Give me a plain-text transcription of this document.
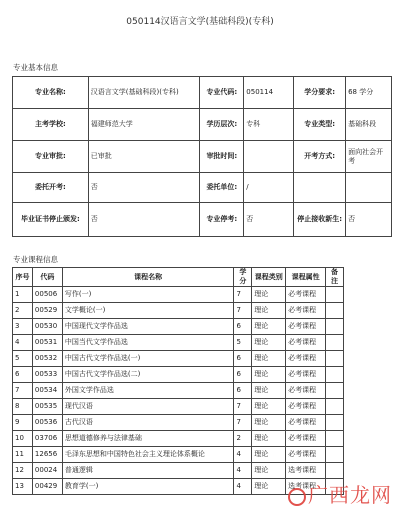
050114汉语言文学(基础科段)(专科)
专业基本信息
专业名称:	汉语言文学(基础科段)(专科)	专业代码:	050114	学分要求:	68 学分
主考学校:	福建师范大学	学历层次:	专科	专业类型:	基础科段
专业审批:	已审批	审批时间:		开考方式:	面向社会开考
委托开考:	否	委托单位:	/		
毕业证书停止颁发:	否	专业停考:	否	停止接收新生:	否
专业课程信息
序号	代码	课程名称	学分	课程类别	课程属性	备注
1	00506	写作(一)	7	理论	必考课程	
2	00529	文学概论(一)	7	理论	必考课程	
3	00530	中国现代文学作品选	6	理论	必考课程	
4	00531	中国当代文学作品选	5	理论	必考课程	
5	00532	中国古代文学作品选(一)	6	理论	必考课程	
6	00533	中国古代文学作品选(二)	6	理论	必考课程	
7	00534	外国文学作品选	6	理论	必考课程	
8	00535	现代汉语	7	理论	必考课程	
9	00536	古代汉语	7	理论	必考课程	
10	03706	思想道德修养与法律基础	2	理论	必考课程	
11	12656	毛泽东思想和中国特色社会主义理论体系概论	4	理论	必考课程	
12	00024	普通逻辑	4	理论	选考课程	
13	00429	教育学(一)	4	理论	选考课程	
广西龙网
